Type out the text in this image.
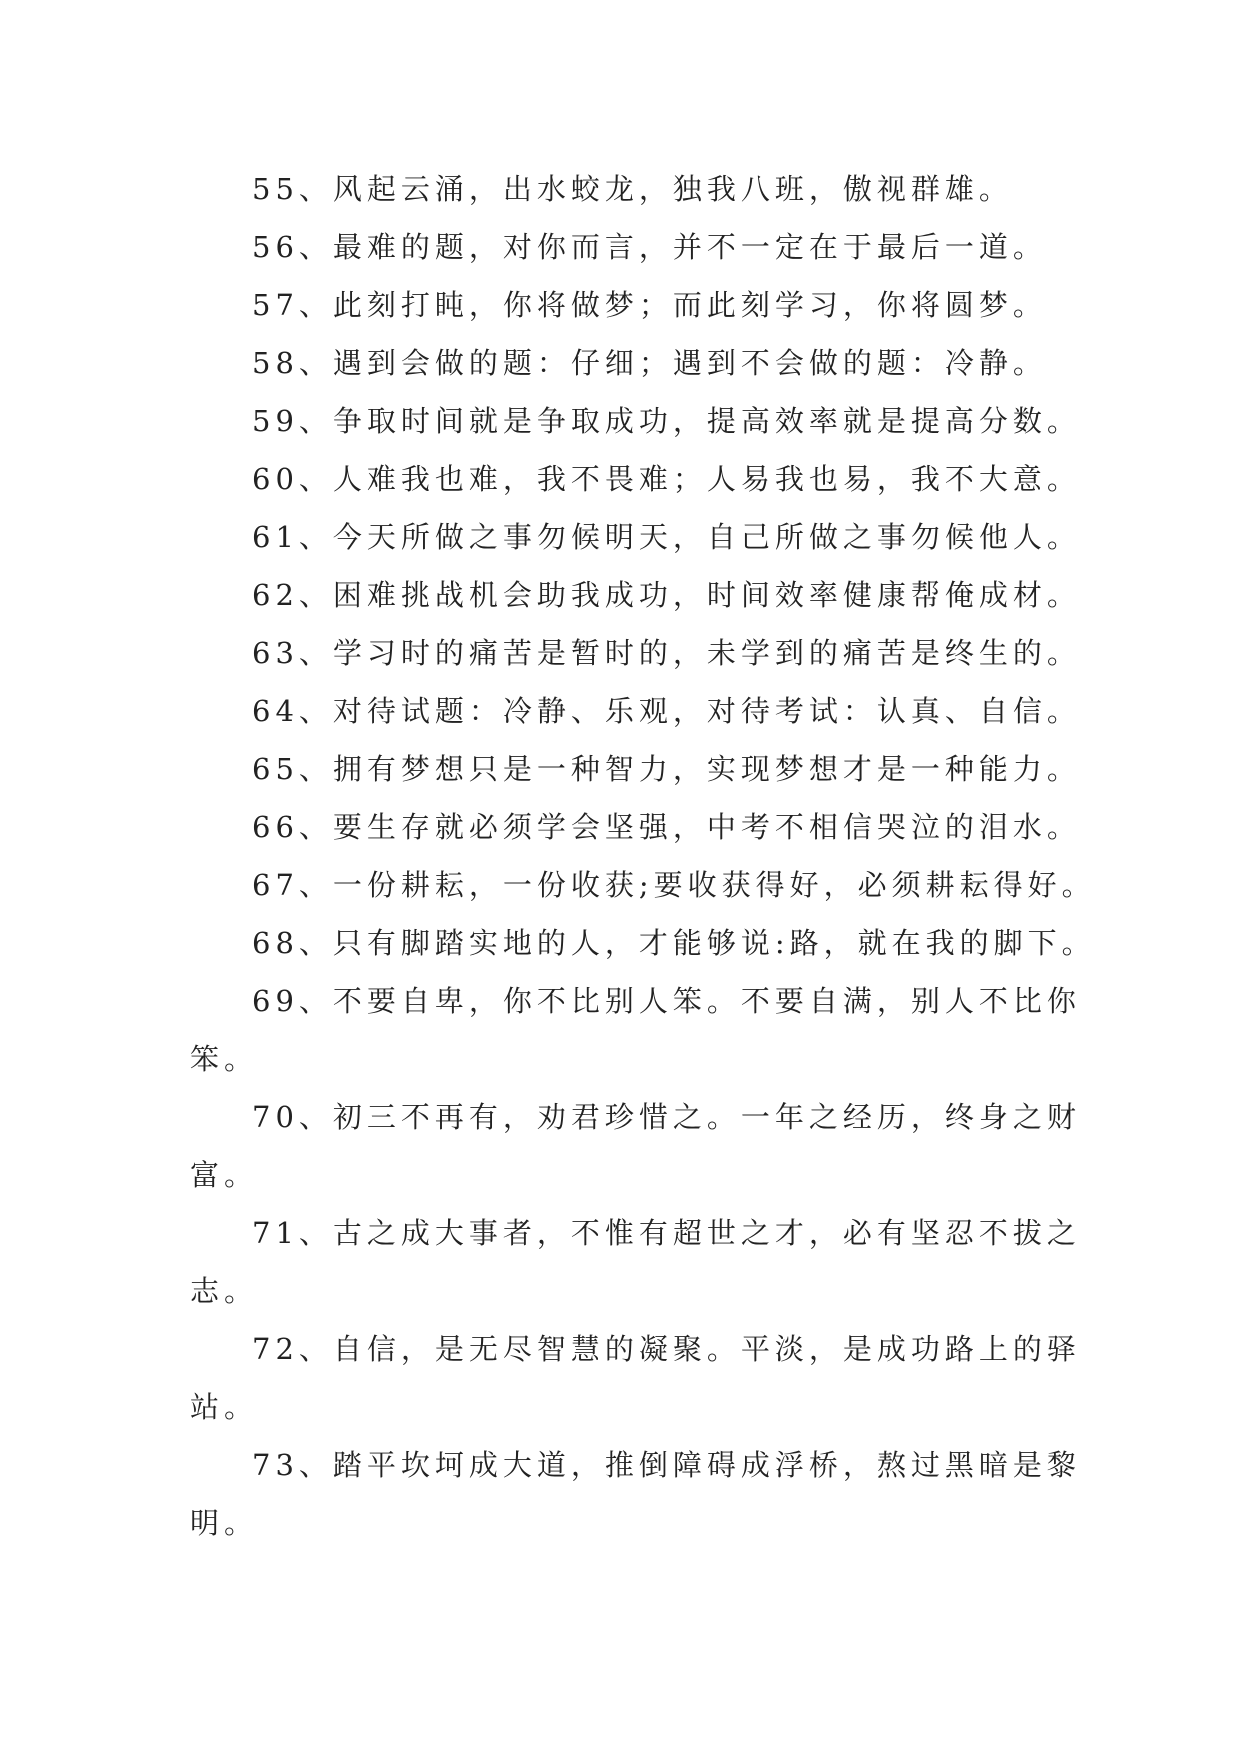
55、风起云涌，出水蛟龙，独我八班，傲视群雄。
56、最难的题，对你而言，并不一定在于最后一道。
57、此刻打盹，你将做梦；而此刻学习，你将圆梦。
58、遇到会做的题：仔细；遇到不会做的题：冷静。
59、争取时间就是争取成功，提高效率就是提高分数。
60、人难我也难，我不畏难；人易我也易，我不大意。
61、今天所做之事勿候明天，自己所做之事勿候他人。
62、困难挑战机会助我成功，时间效率健康帮俺成材。
63、学习时的痛苦是暂时的，未学到的痛苦是终生的。
64、对待试题：冷静、乐观，对待考试：认真、自信。
65、拥有梦想只是一种智力，实现梦想才是一种能力。
66、要生存就必须学会坚强，中考不相信哭泣的泪水。
67、一份耕耘，一份收获;要收获得好，必须耕耘得好。
68、只有脚踏实地的人，才能够说:路，就在我的脚下。
69、不要自卑，你不比别人笨。不要自满，别人不比你
笨。
70、初三不再有，劝君珍惜之。一年之经历，终身之财
富。
71、古之成大事者，不惟有超世之才，必有坚忍不拔之
志。
72、自信，是无尽智慧的凝聚。平淡，是成功路上的驿
站。
73、踏平坎坷成大道，推倒障碍成浮桥，熬过黑暗是黎
明。
